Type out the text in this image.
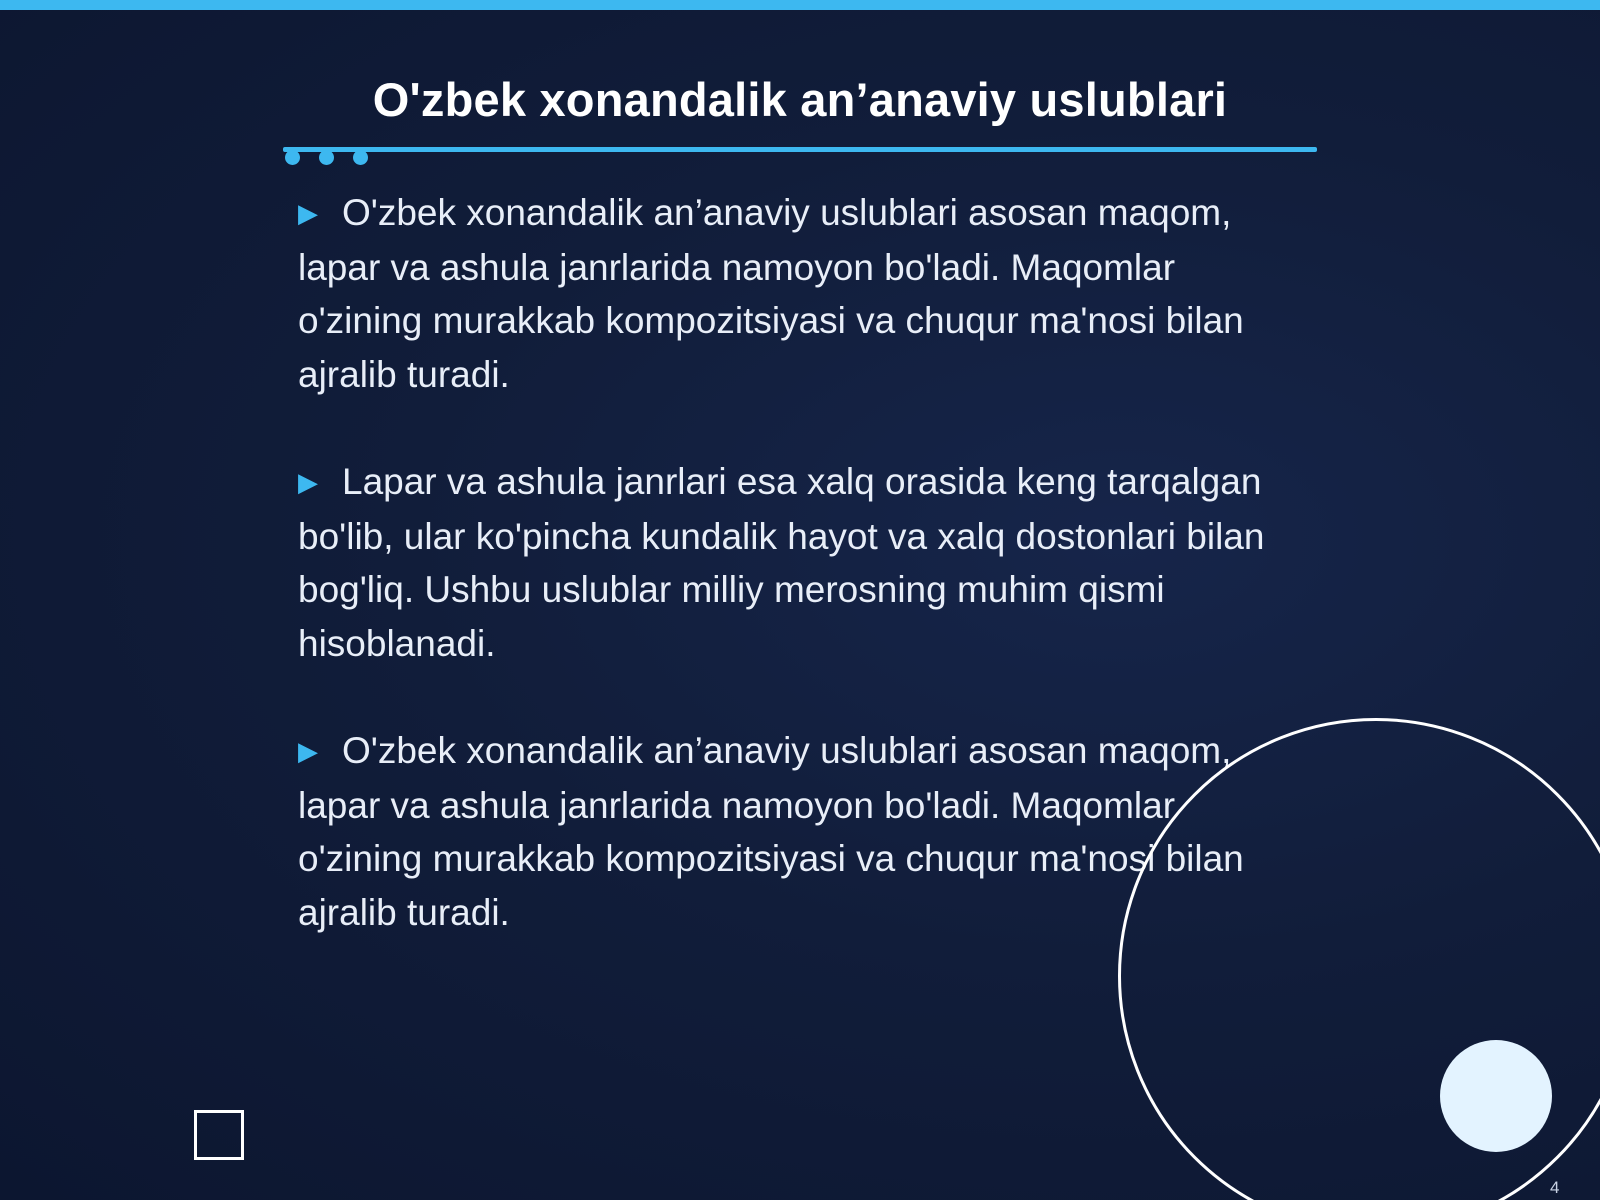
O'zbek xonandalik an’anaviy uslublari

▶ O'zbek xonandalik an’anaviy uslublari asosan maqom, lapar va ashula janrlarida namoyon bo'ladi. Maqomlar o'zining murakkab kompozitsiyasi va chuqur ma'nosi bilan ajralib turadi.

▶ Lapar va ashula janrlari esa xalq orasida keng tarqalgan bo'lib, ular ko'pincha kundalik hayot va xalq dostonlari bilan bog'liq. Ushbu uslublar milliy merosning muhim qismi hisoblanadi.

▶ O'zbek xonandalik an’anaviy uslublari asosan maqom, lapar va ashula janrlarida namoyon bo'ladi. Maqomlar o'zining murakkab kompozitsiyasi va chuqur ma'nosi bilan ajralib turadi.

4
